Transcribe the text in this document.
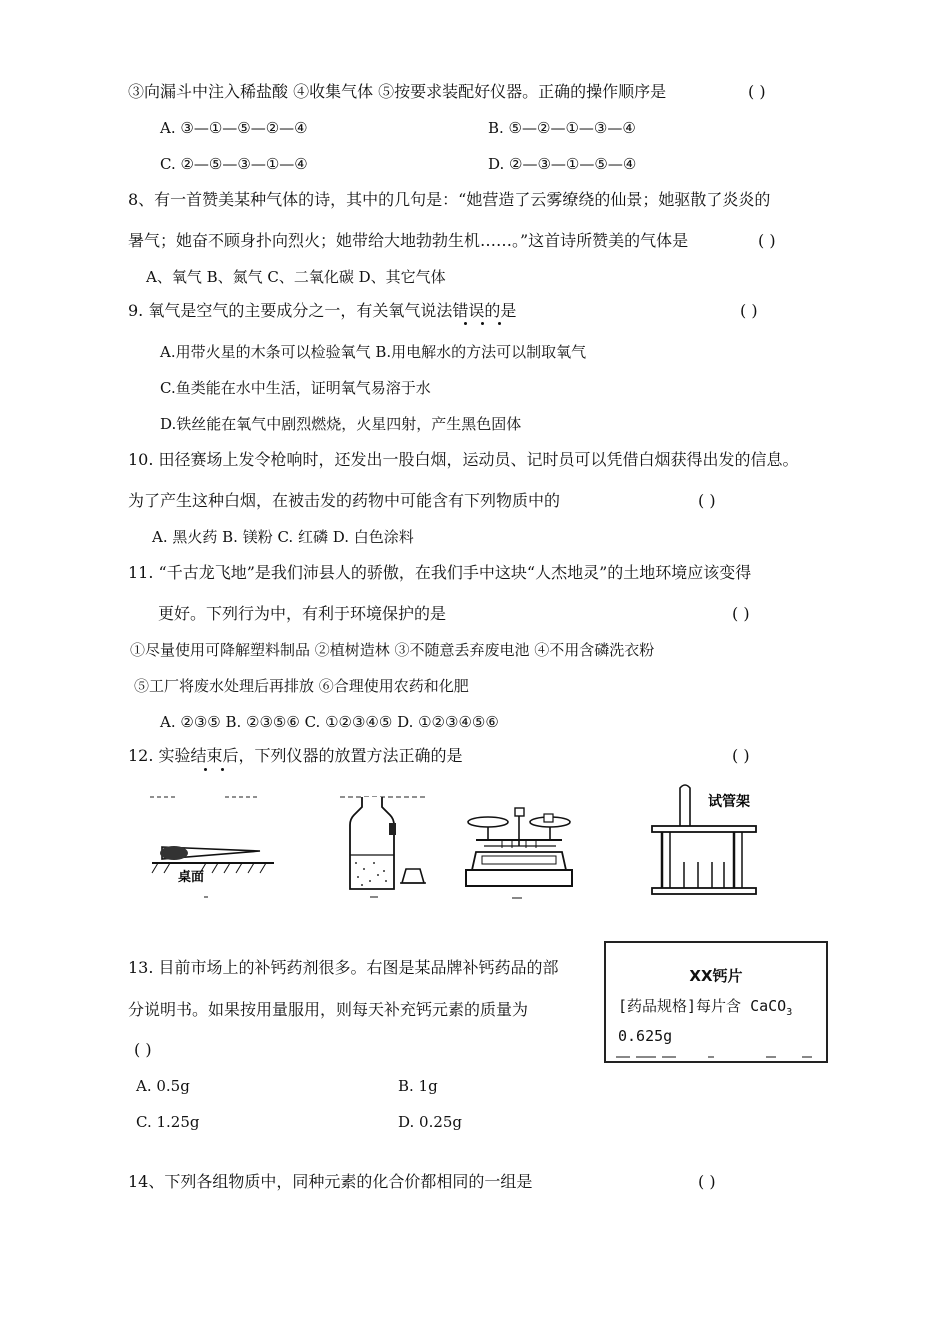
③向漏斗中注入稀盐酸 ④收集气体 ⑤按要求装配好仪器。正确的操作顺序是	( )
A. ③—①—⑤—②—④	B. ⑤—②—①—③—④
C. ②—⑤—③—①—④	D. ②—③—①—⑤—④
8、有一首赞美某种气体的诗，其中的几句是：“她营造了云雾缭绕的仙景；她驱散了炎炎的
暑气；她奋不顾身扑向烈火；她带给大地勃勃生机……。”这首诗所赞美的气体是	( )
A、氧气 B、氮气 C、二氧化碳 D、其它气体
9. 氧气是空气的主要成分之一，有关氧气说法错误的是	( )
A.用带火星的木条可以检验氧气 B.用电解水的方法可以制取氧气
C.鱼类能在水中生活，证明氧气易溶于水
D.铁丝能在氧气中剧烈燃烧，火星四射，产生黑色固体
10. 田径赛场上发令枪响时，还发出一股白烟，运动员、记时员可以凭借白烟获得出发的信息。
为了产生这种白烟，在被击发的药物中可能含有下列物质中的	( )
A. 黑火药 B. 镁粉 C. 红磷 D. 白色涂料
11. “千古龙飞地”是我们沛县人的骄傲，在我们手中这块“人杰地灵”的土地环境应该变得
更好。下列行为中，有利于环境保护的是	( )
①尽量使用可降解塑料制品 ②植树造林 ③不随意丢弃废电池 ④不用含磷洗衣粉
⑤工厂将废水处理后再排放 ⑥合理使用农药和化肥
A. ②③⑤ B. ②③⑤⑥ C. ①②③④⑤ D. ①②③④⑤⑥
12. 实验结束后，下列仪器的放置方法正确的是	( )
桌面
试管架
13. 目前市场上的补钙药剂很多。右图是某品牌补钙药品的部
分说明书。如果按用量服用，则每天补充钙元素的质量为
( )
A. 0.5g	B. 1g
C. 1.25g	D. 0.25g
XX钙片
[药品规格]每片含 CaCO$_3$
0.625g
14、下列各组物质中，同种元素的化合价都相同的一组是	( )
